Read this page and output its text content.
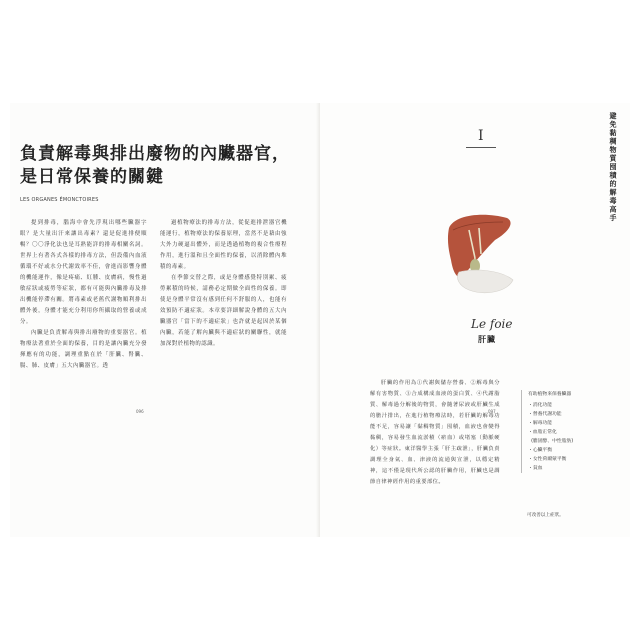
負責解毒與排出廢物的內臟器官，
是日常保養的關鍵
LES ORGANES ÉMONCTOIRES

提到排毒，腦海中會先浮現出哪些臟器字眼？是大量出汗來讓出毒素？還是促進排便順暢？〇〇淨化法也是耳熟能詳的排毒相關名詞。世界上有著各式各樣的排毒方法，但設備內血液循環不好或水分代謝效率不佳，會進而影響身體的機能運作，像是疼痛、紅腫、皮膚病，慢性過敏症狀或疲勞等症狀，都有可能與內臟排毒及排出機能停滯有關。將毒素或老舊代謝物順利排出體外後，身體才能充分利用你所攝取的營養或成分。

內臟是負責解毒與排出廢物的重要器官。植物療法著重於全面的保養，目的是讓內臟充分發揮應有的功能，調理重點在於「肝臟、腎臟、腸、肺、皮膚」五大內臟器官。透

過植物療法的排毒方法，從促進排泄器官機能運行，植物療法的保養原理，當然不是藉由強大外力硬逼出體外，而是透過植物的複合性療程作用，進行溫和且全面性的保養，以消除體內堆積的毒素。

在季節交替之際，或是身體感覺特別累、疲勞累積的時候，請務必定期做全面性的保養。即使是身體平常沒有感到任何不舒服的人，也能有效預防不適症狀。本章要詳細解說身體的五大內臟器官「當下的不適症狀」也許就是起因於某個內臟，若能了解內臟與不適症狀的關聯性，就能加深對於植物的認識。

096	097
避免黏稠物質囤積的解毒高手
I
Le foie
肝臟

肝臟的作用為①代謝與儲存營養、②解毒與分解有害物質、③合成構成血液的蛋白質、④代謝脂質、解毒過分解後的物質，會隨著尿液或肝臟生成的膽汁排出，在進行植物療法時，若肝臟的解毒功能不足，容易讓「黏稠物質」囤積，血液也會變得黏稠，容易發生血流淤積（瘀血）或堵塞（動脈硬化）等症狀。東洋醫學主張「肝主疏泄」，肝臟負責調理全身氣、血、津液的流通與宣泄，以穩定精神，這不僅是現代所公認的肝臟作用，肝臟也是調節自律神經作用的重要部位。

有助植物來保養臟器
・消化功能
・營養代謝功能
・解毒功能
・血脂正常化
(膽固醇、中性脂肪)
・心臟平衡
・女性荷爾蒙平衡
・貧血
可改善以上症狀。
